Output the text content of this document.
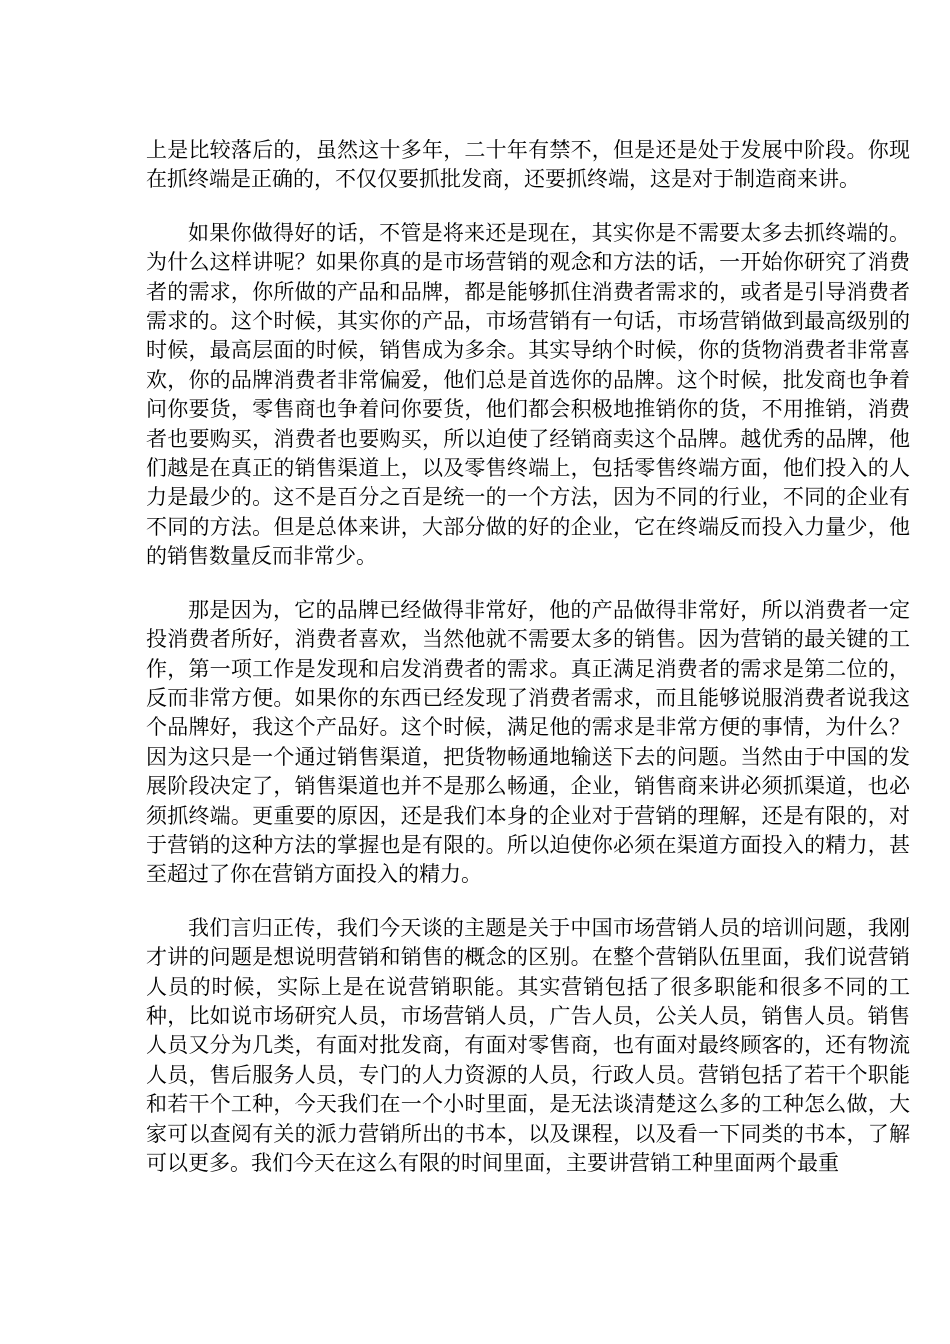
上是比较落后的，虽然这十多年，二十年有禁不，但是还是处于发展中阶段。你现在抓终端是正确的，不仅仅要抓批发商，还要抓终端，这是对于制造商来讲。

如果你做得好的话，不管是将来还是现在，其实你是不需要太多去抓终端的。为什么这样讲呢？如果你真的是市场营销的观念和方法的话，一开始你研究了消费者的需求，你所做的产品和品牌，都是能够抓住消费者需求的，或者是引导消费者需求的。这个时候，其实你的产品，市场营销有一句话，市场营销做到最高级别的时候，最高层面的时候，销售成为多余。其实导纳个时候，你的货物消费者非常喜欢，你的品牌消费者非常偏爱，他们总是首选你的品牌。这个时候，批发商也争着问你要货，零售商也争着问你要货，他们都会积极地推销你的货，不用推销，消费者也要购买，消费者也要购买，所以迫使了经销商卖这个品牌。越优秀的品牌，他们越是在真正的销售渠道上，以及零售终端上，包括零售终端方面，他们投入的人力是最少的。这不是百分之百是统一的一个方法，因为不同的行业，不同的企业有不同的方法。但是总体来讲，大部分做的好的企业，它在终端反而投入力量少，他的销售数量反而非常少。

那是因为，它的品牌已经做得非常好，他的产品做得非常好，所以消费者一定投消费者所好，消费者喜欢，当然他就不需要太多的销售。因为营销的最关键的工作，第一项工作是发现和启发消费者的需求。真正满足消费者的需求是第二位的，反而非常方便。如果你的东西已经发现了消费者需求，而且能够说服消费者说我这个品牌好，我这个产品好。这个时候，满足他的需求是非常方便的事情，为什么？因为这只是一个通过销售渠道，把货物畅通地输送下去的问题。当然由于中国的发展阶段决定了，销售渠道也并不是那么畅通，企业，销售商来讲必须抓渠道，也必须抓终端。更重要的原因，还是我们本身的企业对于营销的理解，还是有限的，对于营销的这种方法的掌握也是有限的。所以迫使你必须在渠道方面投入的精力，甚至超过了你在营销方面投入的精力。

我们言归正传，我们今天谈的主题是关于中国市场营销人员的培训问题，我刚才讲的问题是想说明营销和销售的概念的区别。在整个营销队伍里面，我们说营销人员的时候，实际上是在说营销职能。其实营销包括了很多职能和很多不同的工种，比如说市场研究人员，市场营销人员，广告人员，公关人员，销售人员。销售人员又分为几类，有面对批发商，有面对零售商，也有面对最终顾客的，还有物流人员，售后服务人员，专门的人力资源的人员，行政人员。营销包括了若干个职能和若干个工种，今天我们在一个小时里面，是无法谈清楚这么多的工种怎么做，大家可以查阅有关的派力营销所出的书本，以及课程，以及看一下同类的书本，了解可以更多。我们今天在这么有限的时间里面，主要讲营销工种里面两个最重
